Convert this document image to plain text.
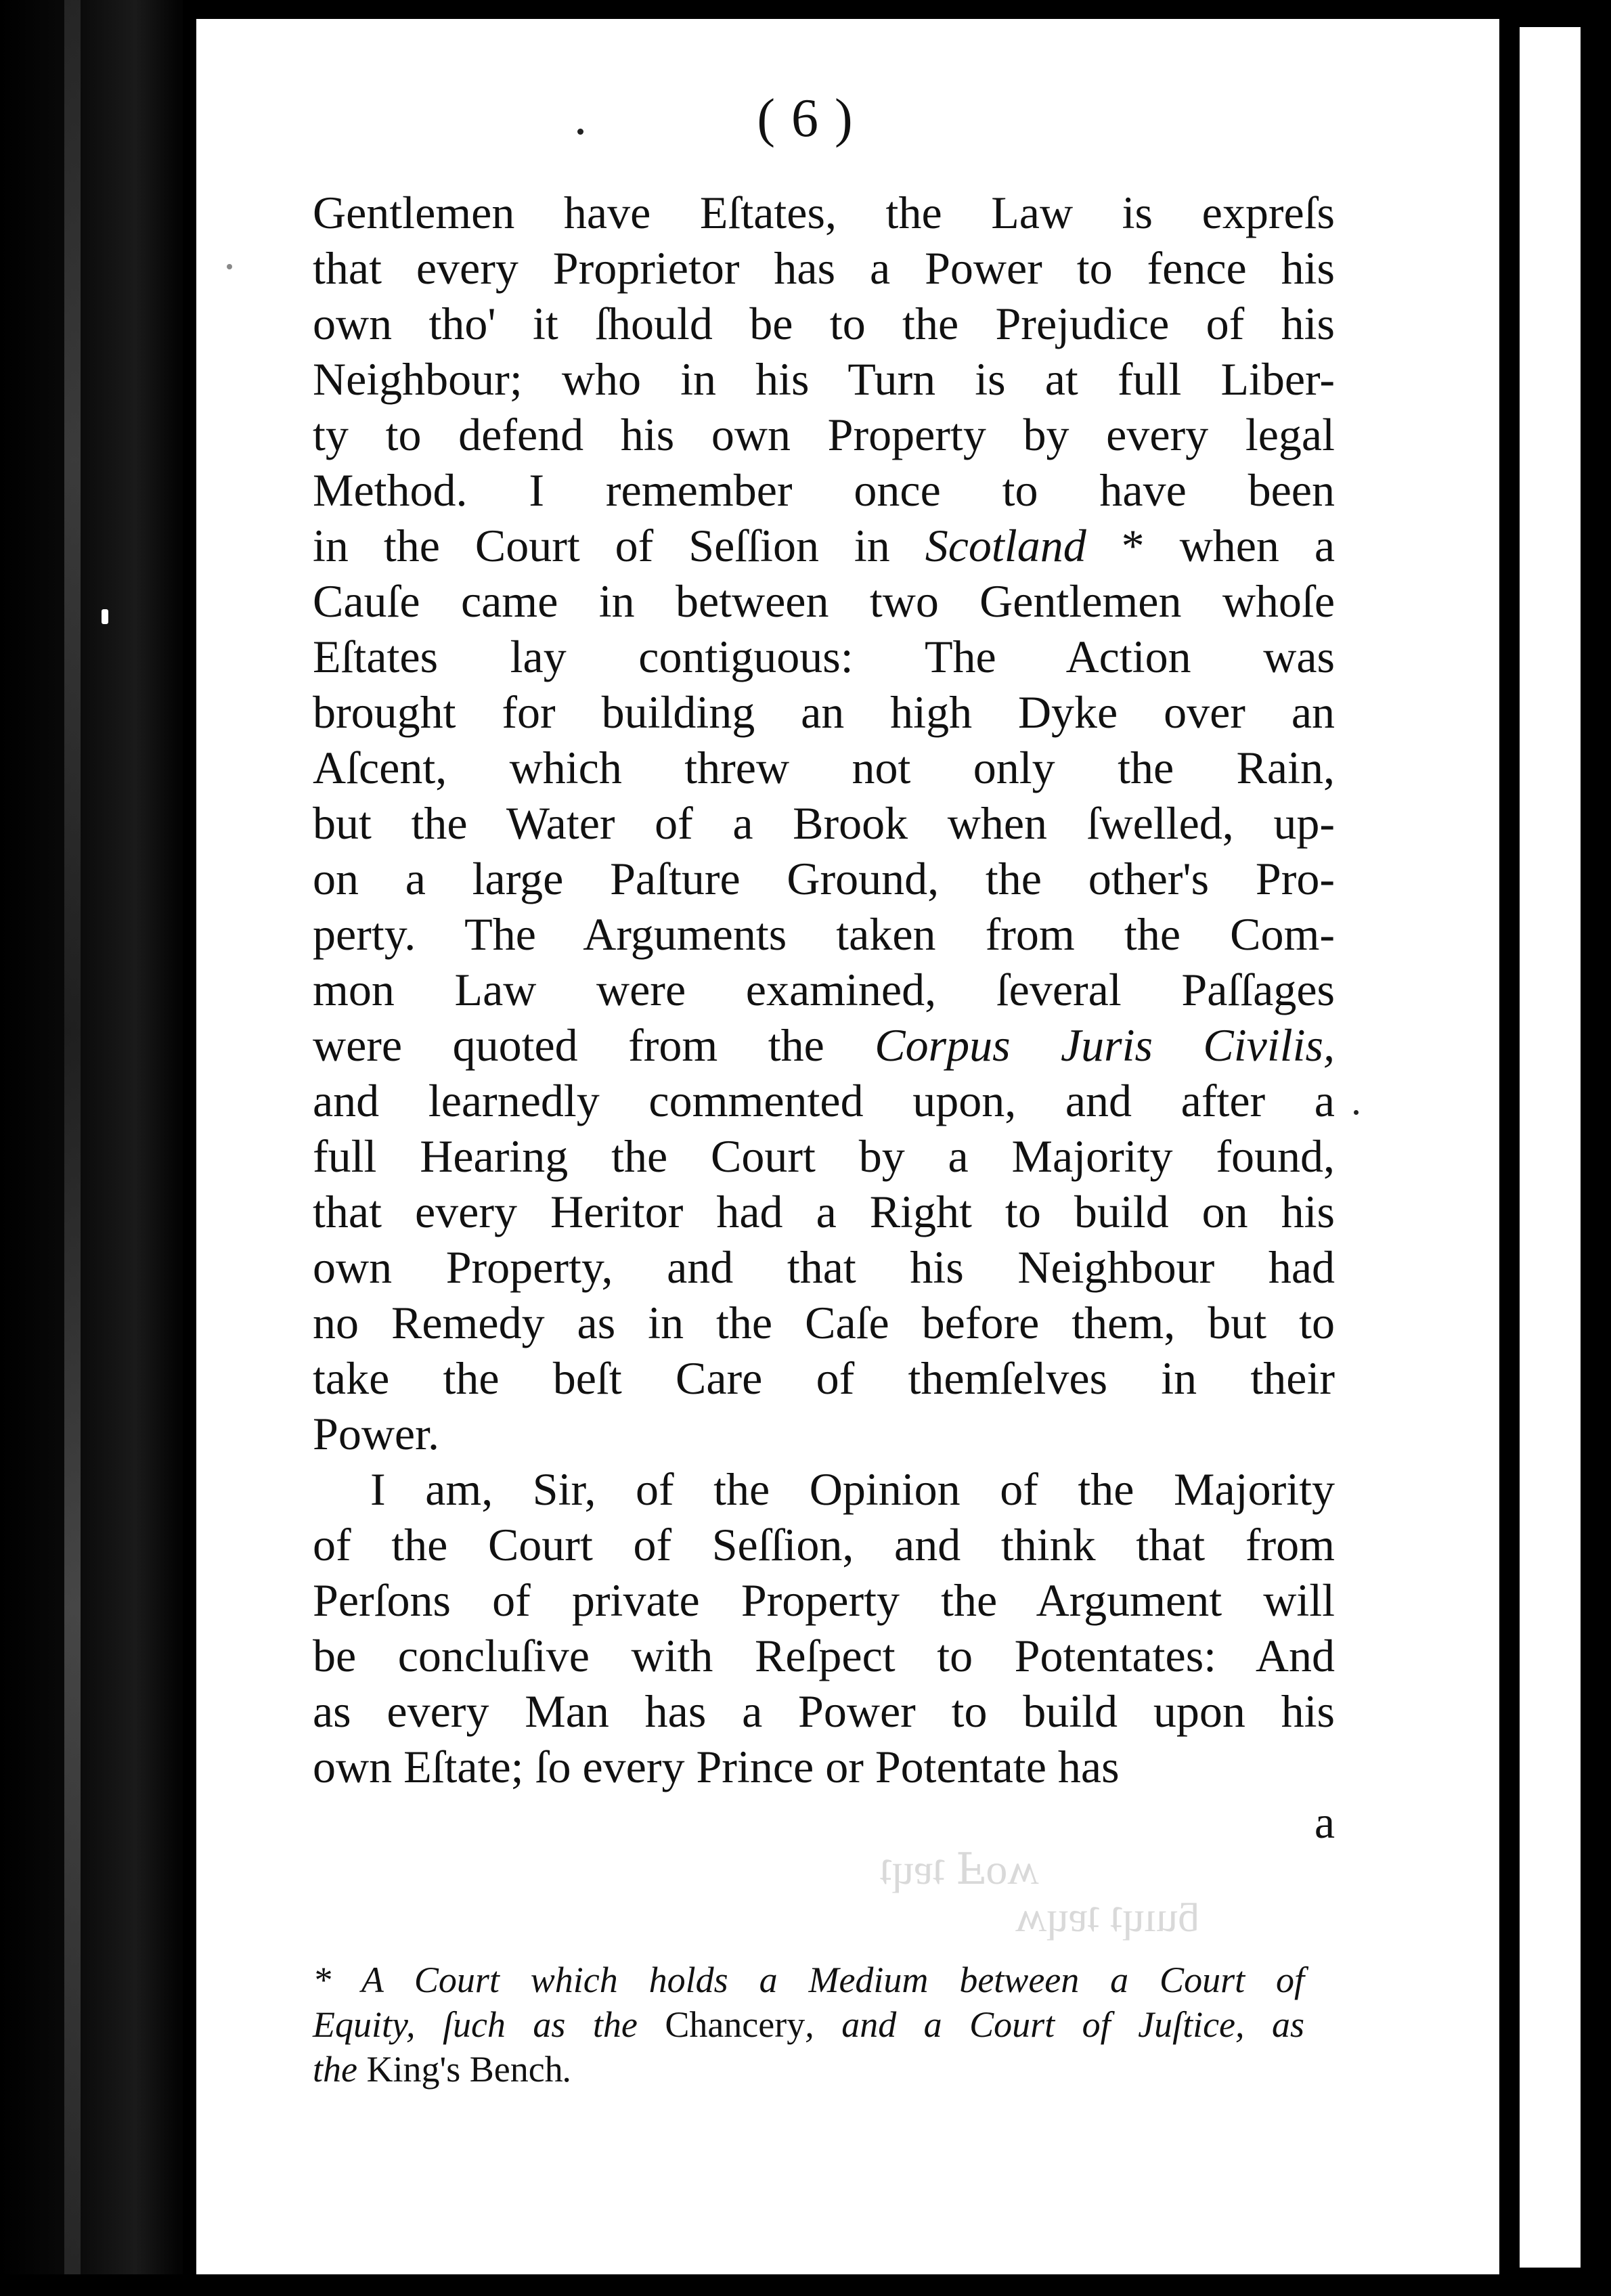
ʍoℲ ʇɐɥʇ
ƃuıɥʇ ʇɐɥʍ
( 6 )
Gentlemen have Eſtates, the Law is expreſs
that every Proprietor has a Power to fence his
own tho' it ſhould be to the Prejudice of his
Neighbour; who in his Turn is at full Liber-
ty to defend his own Property by every legal
Method. I remember once to have been
in the Court of Seſſion in Scotland * when a
Cauſe came in between two Gentlemen whoſe
Eſtates lay contiguous: The Action was
brought for building an high Dyke over an
Aſcent, which threw not only the Rain,
but the Water of a Brook when ſwelled, up-
on a large Paſture Ground, the other's Pro-
perty. The Arguments taken from the Com-
mon Law were examined, ſeveral Paſſages
were quoted from the Corpus Juris Civilis,
and learnedly commented upon, and after a
full Hearing the Court by a Majority found,
that every Heritor had a Right to build on his
own Property, and that his Neighbour had
no Remedy as in the Caſe before them, but to
take the beſt Care of themſelves in their
Power.
I am, Sir, of the Opinion of the Majority
of the Court of Seſſion, and think that from
Perſons of private Property the Argument will
be concluſive with Reſpect to Potentates: And
as every Man has a Power to build upon his
own Eſtate; ſo every Prince or Potentate has
a
* A Court which holds a Medium between a Court of
Equity, ſuch as the Chancery, and a Court of Juſtice, as
the King's Bench.
